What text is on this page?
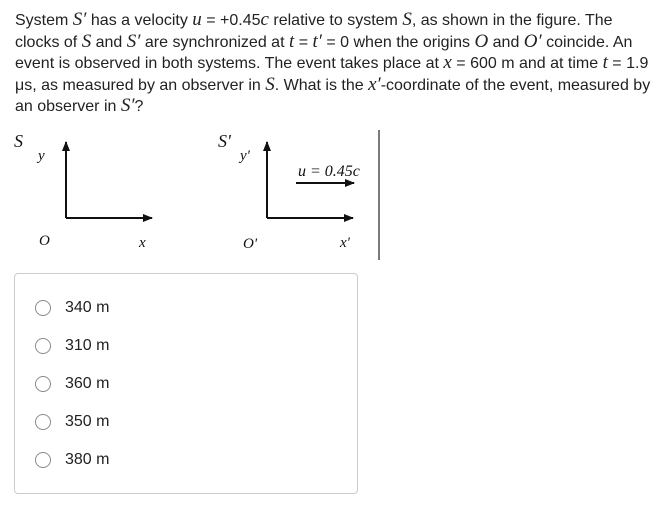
System S′ has a velocity u = +0.45c relative to system S, as shown in the figure. The clocks of S and S′ are synchronized at t = t′ = 0 when the origins O and O′ coincide. An event is observed in both systems. The event takes place at x = 600 m and at time t = 1.9 μs, as measured by an observer in S. What is the x′-coordinate of the event, measured by an observer in S′?
S
y
O	x
S'
y'
O'	x'
u = 0.45c
340 m
310 m
360 m
350 m
380 m
